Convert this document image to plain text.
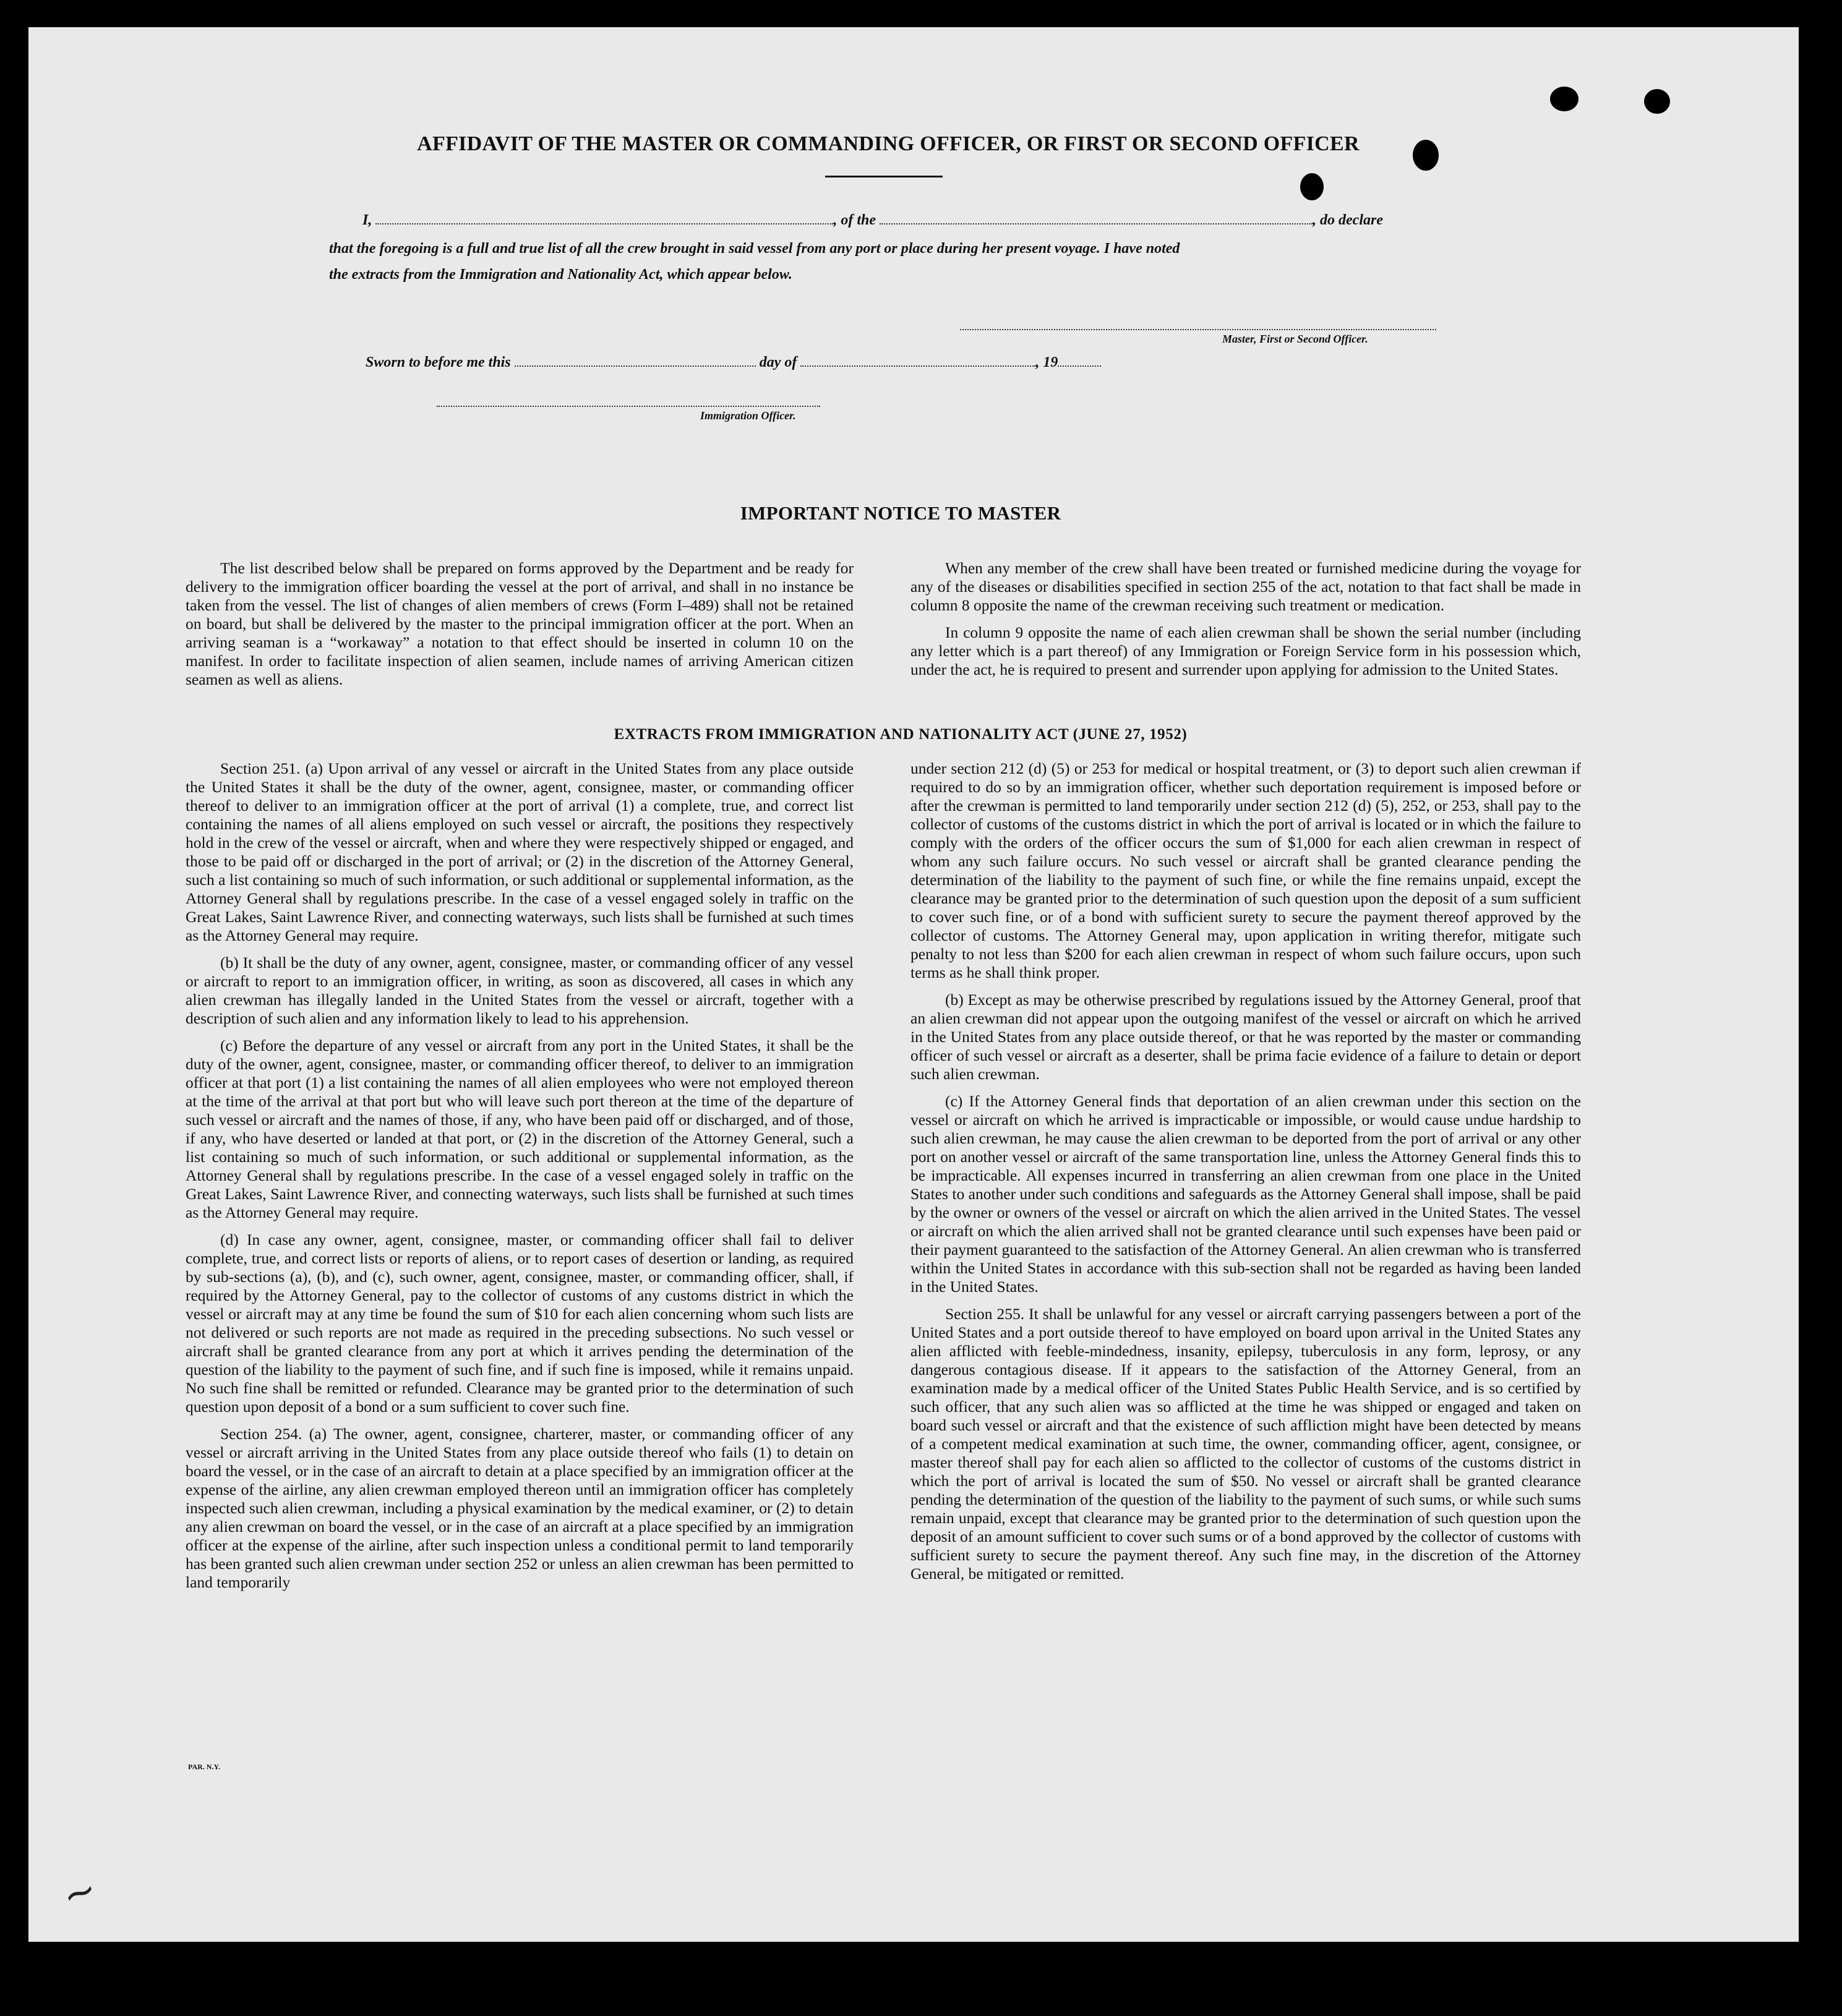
AFFIDAVIT OF THE MASTER OR COMMANDING OFFICER, OR FIRST OR SECOND OFFICER
I,	, of the	, do declare
that the foregoing is a full and true list of all the crew brought in said vessel from any port or place during her present voyage. I have noted
the extracts from the Immigration and Nationality Act, which appear below.
Master, First or Second Officer.
Sworn to before me this	day of	, 19
Immigration Officer.
IMPORTANT NOTICE TO MASTER

The list described below shall be prepared on forms approved by the Department and be ready for delivery to the immigration officer boarding the vessel at the port of arrival, and shall in no instance be taken from the vessel. The list of changes of alien members of crews (Form I–489) shall not be retained on board, but shall be delivered by the master to the principal immigration officer at the port. When an arriving seaman is a “workaway” a notation to that effect should be inserted in column 10 on the manifest. In order to facilitate inspection of alien seamen, include names of arriving American citizen seamen as well as aliens.

When any member of the crew shall have been treated or furnished medicine during the voyage for any of the diseases or disabilities specified in section 255 of the act, notation to that fact shall be made in column 8 opposite the name of the crewman receiving such treatment or medication.

In column 9 opposite the name of each alien crewman shall be shown the serial number (including any letter which is a part thereof) of any Immigration or Foreign Service form in his possession which, under the act, he is required to present and surrender upon applying for admission to the United States.

EXTRACTS FROM IMMIGRATION AND NATIONALITY ACT (JUNE 27, 1952)

Section 251. (a) Upon arrival of any vessel or aircraft in the United States from any place outside the United States it shall be the duty of the owner, agent, consignee, master, or commanding officer thereof to deliver to an immigration officer at the port of arrival (1) a complete, true, and correct list containing the names of all aliens employed on such vessel or aircraft, the positions they respectively hold in the crew of the vessel or aircraft, when and where they were respectively shipped or engaged, and those to be paid off or discharged in the port of arrival; or (2) in the discretion of the Attorney General, such a list containing so much of such information, or such additional or supplemental information, as the Attorney General shall by regulations prescribe. In the case of a vessel engaged solely in traffic on the Great Lakes, Saint Lawrence River, and connecting waterways, such lists shall be furnished at such times as the Attorney General may require.

(b) It shall be the duty of any owner, agent, consignee, master, or commanding officer of any vessel or aircraft to report to an immigration officer, in writing, as soon as discovered, all cases in which any alien crewman has illegally landed in the United States from the vessel or aircraft, together with a description of such alien and any information likely to lead to his apprehension.

(c) Before the departure of any vessel or aircraft from any port in the United States, it shall be the duty of the owner, agent, consignee, master, or commanding officer thereof, to deliver to an immigration officer at that port (1) a list containing the names of all alien employees who were not employed thereon at the time of the arrival at that port but who will leave such port thereon at the time of the departure of such vessel or aircraft and the names of those, if any, who have been paid off or discharged, and of those, if any, who have deserted or landed at that port, or (2) in the discretion of the Attorney General, such a list containing so much of such information, or such additional or supplemental information, as the Attorney General shall by regulations prescribe. In the case of a vessel engaged solely in traffic on the Great Lakes, Saint Lawrence River, and connecting waterways, such lists shall be furnished at such times as the Attorney General may require.

(d) In case any owner, agent, consignee, master, or commanding officer shall fail to deliver complete, true, and correct lists or reports of aliens, or to report cases of desertion or landing, as required by sub-sections (a), (b), and (c), such owner, agent, consignee, master, or commanding officer, shall, if required by the Attorney General, pay to the collector of customs of any customs district in which the vessel or aircraft may at any time be found the sum of $10 for each alien concerning whom such lists are not delivered or such reports are not made as required in the preceding subsections. No such vessel or aircraft shall be granted clearance from any port at which it arrives pending the determination of the question of the liability to the payment of such fine, and if such fine is imposed, while it remains unpaid. No such fine shall be remitted or refunded. Clearance may be granted prior to the determination of such question upon deposit of a bond or a sum sufficient to cover such fine.

Section 254. (a) The owner, agent, consignee, charterer, master, or commanding officer of any vessel or aircraft arriving in the United States from any place outside thereof who fails (1) to detain on board the vessel, or in the case of an aircraft to detain at a place specified by an immigration officer at the expense of the airline, any alien crewman employed thereon until an immigration officer has completely inspected such alien crewman, including a physical examination by the medical examiner, or (2) to detain any alien crewman on board the vessel, or in the case of an aircraft at a place specified by an immigration officer at the expense of the airline, after such inspection unless a conditional permit to land temporarily has been granted such alien crewman under section 252 or unless an alien crewman has been permitted to land temporarily

under section 212 (d) (5) or 253 for medical or hospital treatment, or (3) to deport such alien crewman if required to do so by an immigration officer, whether such deportation requirement is imposed before or after the crewman is permitted to land temporarily under section 212 (d) (5), 252, or 253, shall pay to the collector of customs of the customs district in which the port of arrival is located or in which the failure to comply with the orders of the officer occurs the sum of $1,000 for each alien crewman in respect of whom any such failure occurs. No such vessel or aircraft shall be granted clearance pending the determination of the liability to the payment of such fine, or while the fine remains unpaid, except the clearance may be granted prior to the determination of such question upon the deposit of a sum sufficient to cover such fine, or of a bond with sufficient surety to secure the payment thereof approved by the collector of customs. The Attorney General may, upon application in writing therefor, mitigate such penalty to not less than $200 for each alien crewman in respect of whom such failure occurs, upon such terms as he shall think proper.

(b) Except as may be otherwise prescribed by regulations issued by the Attorney General, proof that an alien crewman did not appear upon the outgoing manifest of the vessel or aircraft on which he arrived in the United States from any place outside thereof, or that he was reported by the master or commanding officer of such vessel or aircraft as a deserter, shall be prima facie evidence of a failure to detain or deport such alien crewman.

(c) If the Attorney General finds that deportation of an alien crewman under this section on the vessel or aircraft on which he arrived is impracticable or impossible, or would cause undue hardship to such alien crewman, he may cause the alien crewman to be deported from the port of arrival or any other port on another vessel or aircraft of the same transportation line, unless the Attorney General finds this to be impracticable. All expenses incurred in transferring an alien crewman from one place in the United States to another under such conditions and safeguards as the Attorney General shall impose, shall be paid by the owner or owners of the vessel or aircraft on which the alien arrived in the United States. The vessel or aircraft on which the alien arrived shall not be granted clearance until such expenses have been paid or their payment guaranteed to the satisfaction of the Attorney General. An alien crewman who is transferred within the United States in accordance with this sub-section shall not be regarded as having been landed in the United States.

Section 255. It shall be unlawful for any vessel or aircraft carrying passengers between a port of the United States and a port outside thereof to have employed on board upon arrival in the United States any alien afflicted with feeble-mindedness, insanity, epilepsy, tuberculosis in any form, leprosy, or any dangerous contagious disease. If it appears to the satisfaction of the Attorney General, from an examination made by a medical officer of the United States Public Health Service, and is so certified by such officer, that any such alien was so afflicted at the time he was shipped or engaged and taken on board such vessel or aircraft and that the existence of such affliction might have been detected by means of a competent medical examination at such time, the owner, commanding officer, agent, consignee, or master thereof shall pay for each alien so afflicted to the collector of customs of the customs district in which the port of arrival is located the sum of $50. No vessel or aircraft shall be granted clearance pending the determination of the question of the liability to the payment of such sums, or while such sums remain unpaid, except that clearance may be granted prior to the determination of such question upon the deposit of an amount sufficient to cover such sums or of a bond approved by the collector of customs with sufficient surety to secure the payment thereof. Any such fine may, in the discretion of the Attorney General, be mitigated or remitted.

PAR. N.Y.
~
